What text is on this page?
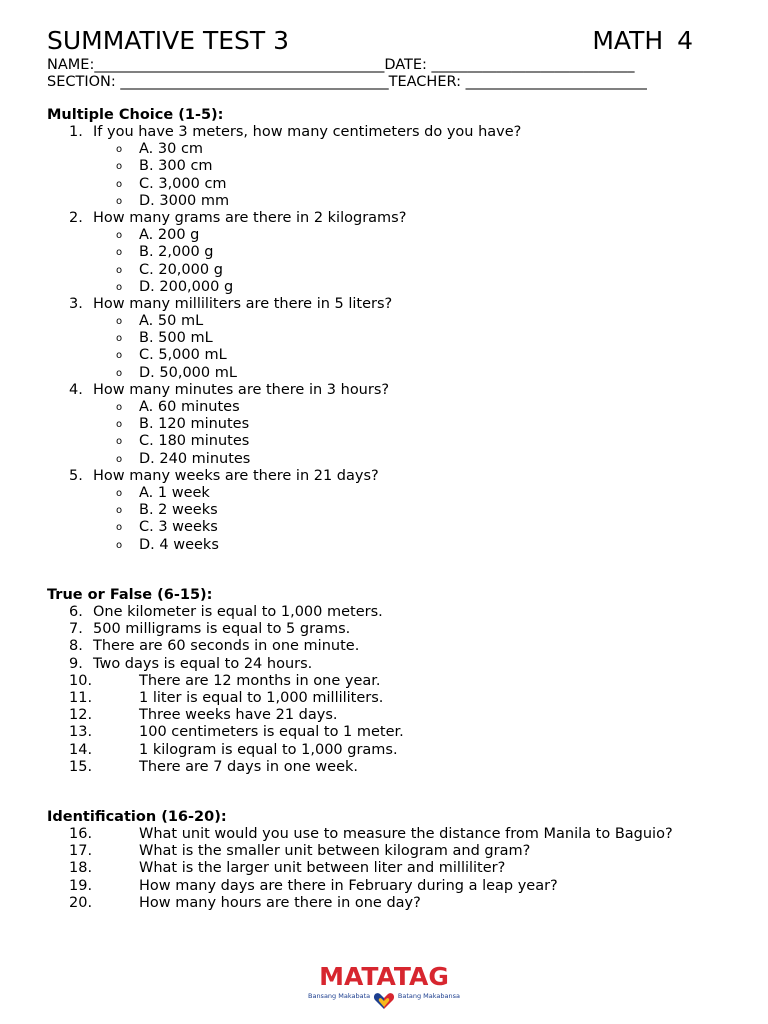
SUMMATIVE TEST 3	MATH 4
NAME:________________________________________DATE: ____________________________
SECTION: _____________________________________TEACHER: _________________________
Multiple Choice (1-5):
1. If you have 3 meters, how many centimeters do you have?
o A. 30 cm
o B. 300 cm
o C. 3,000 cm
o D. 3000 mm
2. How many grams are there in 2 kilograms?
o A. 200 g
o B. 2,000 g
o C. 20,000 g
o D. 200,000 g
3. How many milliliters are there in 5 liters?
o A. 50 mL
o B. 500 mL
o C. 5,000 mL
o D. 50,000 mL
4. How many minutes are there in 3 hours?
o A. 60 minutes
o B. 120 minutes
o C. 180 minutes
o D. 240 minutes
5. How many weeks are there in 21 days?
o A. 1 week
o B. 2 weeks
o C. 3 weeks
o D. 4 weeks
True or False (6-15):
6. One kilometer is equal to 1,000 meters.
7. 500 milligrams is equal to 5 grams.
8. There are 60 seconds in one minute.
9. Two days is equal to 24 hours.
10.	There are 12 months in one year.
11.	1 liter is equal to 1,000 milliliters.
12.	Three weeks have 21 days.
13.	100 centimeters is equal to 1 meter.
14.	1 kilogram is equal to 1,000 grams.
15.	There are 7 days in one week.
Identification (16-20):
16.	What unit would you use to measure the distance from Manila to Baguio?
17.	What is the smaller unit between kilogram and gram?
18.	What is the larger unit between liter and milliliter?
19.	How many days are there in February during a leap year?
20.	How many hours are there in one day?
MATATAG
Bansang Makabata	Batang Makabansa
